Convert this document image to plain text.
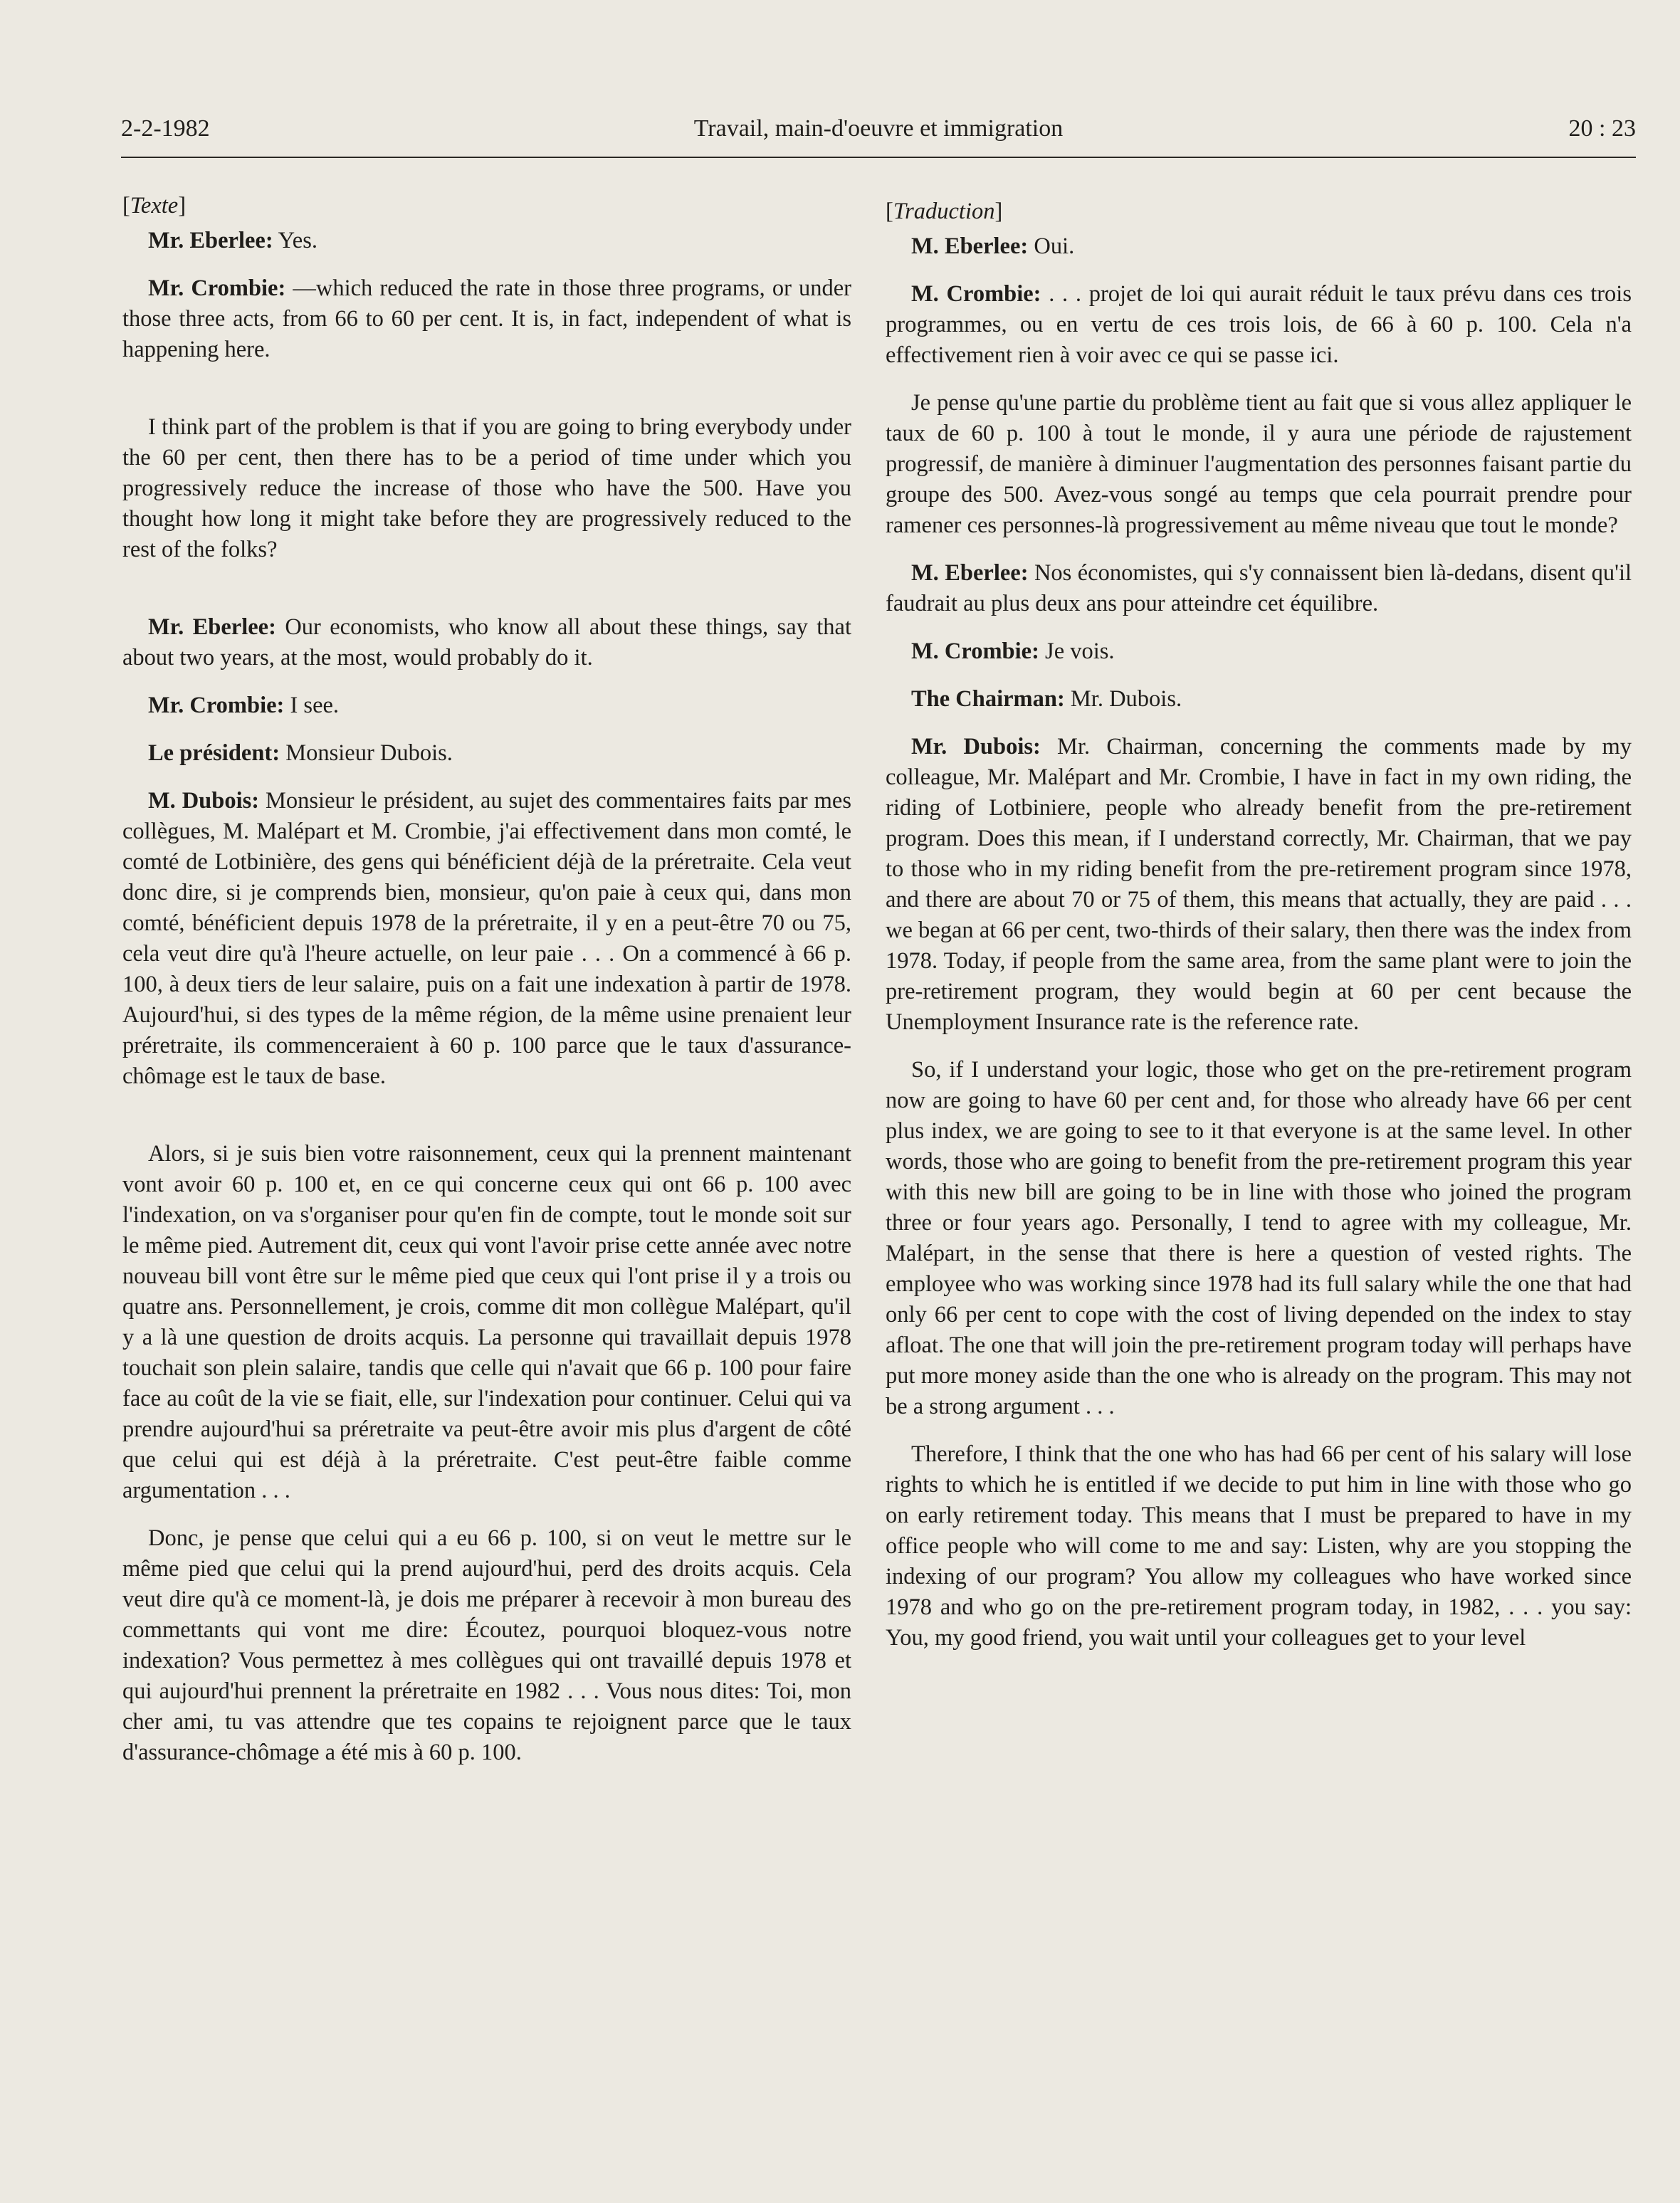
2-2-1982	Travail, main-d'oeuvre et immigration	20 : 23

[Texte]

Mr. Eberlee: Yes.

Mr. Crombie: —which reduced the rate in those three programs, or under those three acts, from 66 to 60 per cent. It is, in fact, independent of what is happening here.

I think part of the problem is that if you are going to bring everybody under the 60 per cent, then there has to be a period of time under which you progressively reduce the increase of those who have the 500. Have you thought how long it might take before they are progressively reduced to the rest of the folks?

Mr. Eberlee: Our economists, who know all about these things, say that about two years, at the most, would probably do it.

Mr. Crombie: I see.

Le président: Monsieur Dubois.

M. Dubois: Monsieur le président, au sujet des commentaires faits par mes collègues, M. Malépart et M. Crombie, j'ai effectivement dans mon comté, le comté de Lotbinière, des gens qui bénéficient déjà de la préretraite. Cela veut donc dire, si je comprends bien, monsieur, qu'on paie à ceux qui, dans mon comté, bénéficient depuis 1978 de la préretraite, il y en a peut-être 70 ou 75, cela veut dire qu'à l'heure actuelle, on leur paie . . . On a commencé à 66 p. 100, à deux tiers de leur salaire, puis on a fait une indexation à partir de 1978. Aujourd'hui, si des types de la même région, de la même usine prenaient leur préretraite, ils commenceraient à 60 p. 100 parce que le taux d'assurance-chômage est le taux de base.

Alors, si je suis bien votre raisonnement, ceux qui la prennent maintenant vont avoir 60 p. 100 et, en ce qui concerne ceux qui ont 66 p. 100 avec l'indexation, on va s'organiser pour qu'en fin de compte, tout le monde soit sur le même pied. Autrement dit, ceux qui vont l'avoir prise cette année avec notre nouveau bill vont être sur le même pied que ceux qui l'ont prise il y a trois ou quatre ans. Personnellement, je crois, comme dit mon collègue Malépart, qu'il y a là une question de droits acquis. La personne qui travaillait depuis 1978 touchait son plein salaire, tandis que celle qui n'avait que 66 p. 100 pour faire face au coût de la vie se fiait, elle, sur l'indexation pour continuer. Celui qui va prendre aujourd'hui sa préretraite va peut-être avoir mis plus d'argent de côté que celui qui est déjà à la préretraite. C'est peut-être faible comme argumentation . . .

Donc, je pense que celui qui a eu 66 p. 100, si on veut le mettre sur le même pied que celui qui la prend aujourd'hui, perd des droits acquis. Cela veut dire qu'à ce moment-là, je dois me préparer à recevoir à mon bureau des commettants qui vont me dire: Écoutez, pourquoi bloquez-vous notre indexation? Vous permettez à mes collègues qui ont travaillé depuis 1978 et qui aujourd'hui prennent la préretraite en 1982 . . . Vous nous dites: Toi, mon cher ami, tu vas attendre que tes copains te rejoignent parce que le taux d'assurance-chômage a été mis à 60 p. 100.

[Traduction]

M. Eberlee: Oui.

M. Crombie: . . . projet de loi qui aurait réduit le taux prévu dans ces trois programmes, ou en vertu de ces trois lois, de 66 à 60 p. 100. Cela n'a effectivement rien à voir avec ce qui se passe ici.

Je pense qu'une partie du problème tient au fait que si vous allez appliquer le taux de 60 p. 100 à tout le monde, il y aura une période de rajustement progressif, de manière à diminuer l'augmentation des personnes faisant partie du groupe des 500. Avez-vous songé au temps que cela pourrait prendre pour ramener ces personnes-là progressivement au même niveau que tout le monde?

M. Eberlee: Nos économistes, qui s'y connaissent bien là-dedans, disent qu'il faudrait au plus deux ans pour atteindre cet équilibre.

M. Crombie: Je vois.

The Chairman: Mr. Dubois.

Mr. Dubois: Mr. Chairman, concerning the comments made by my colleague, Mr. Malépart and Mr. Crombie, I have in fact in my own riding, the riding of Lotbiniere, people who already benefit from the pre-retirement program. Does this mean, if I understand correctly, Mr. Chairman, that we pay to those who in my riding benefit from the pre-retirement program since 1978, and there are about 70 or 75 of them, this means that actually, they are paid . . . we began at 66 per cent, two-thirds of their salary, then there was the index from 1978. Today, if people from the same area, from the same plant were to join the pre-retirement program, they would begin at 60 per cent because the Unemployment Insurance rate is the reference rate.

So, if I understand your logic, those who get on the pre-retirement program now are going to have 60 per cent and, for those who already have 66 per cent plus index, we are going to see to it that everyone is at the same level. In other words, those who are going to benefit from the pre-retirement program this year with this new bill are going to be in line with those who joined the program three or four years ago. Personally, I tend to agree with my colleague, Mr. Malépart, in the sense that there is here a question of vested rights. The employee who was working since 1978 had its full salary while the one that had only 66 per cent to cope with the cost of living depended on the index to stay afloat. The one that will join the pre-retirement program today will perhaps have put more money aside than the one who is already on the program. This may not be a strong argument . . .

Therefore, I think that the one who has had 66 per cent of his salary will lose rights to which he is entitled if we decide to put him in line with those who go on early retirement today. This means that I must be prepared to have in my office people who will come to me and say: Listen, why are you stopping the indexing of our program? You allow my colleagues who have worked since 1978 and who go on the pre-retirement program today, in 1982, . . . you say: You, my good friend, you wait until your colleagues get to your level
